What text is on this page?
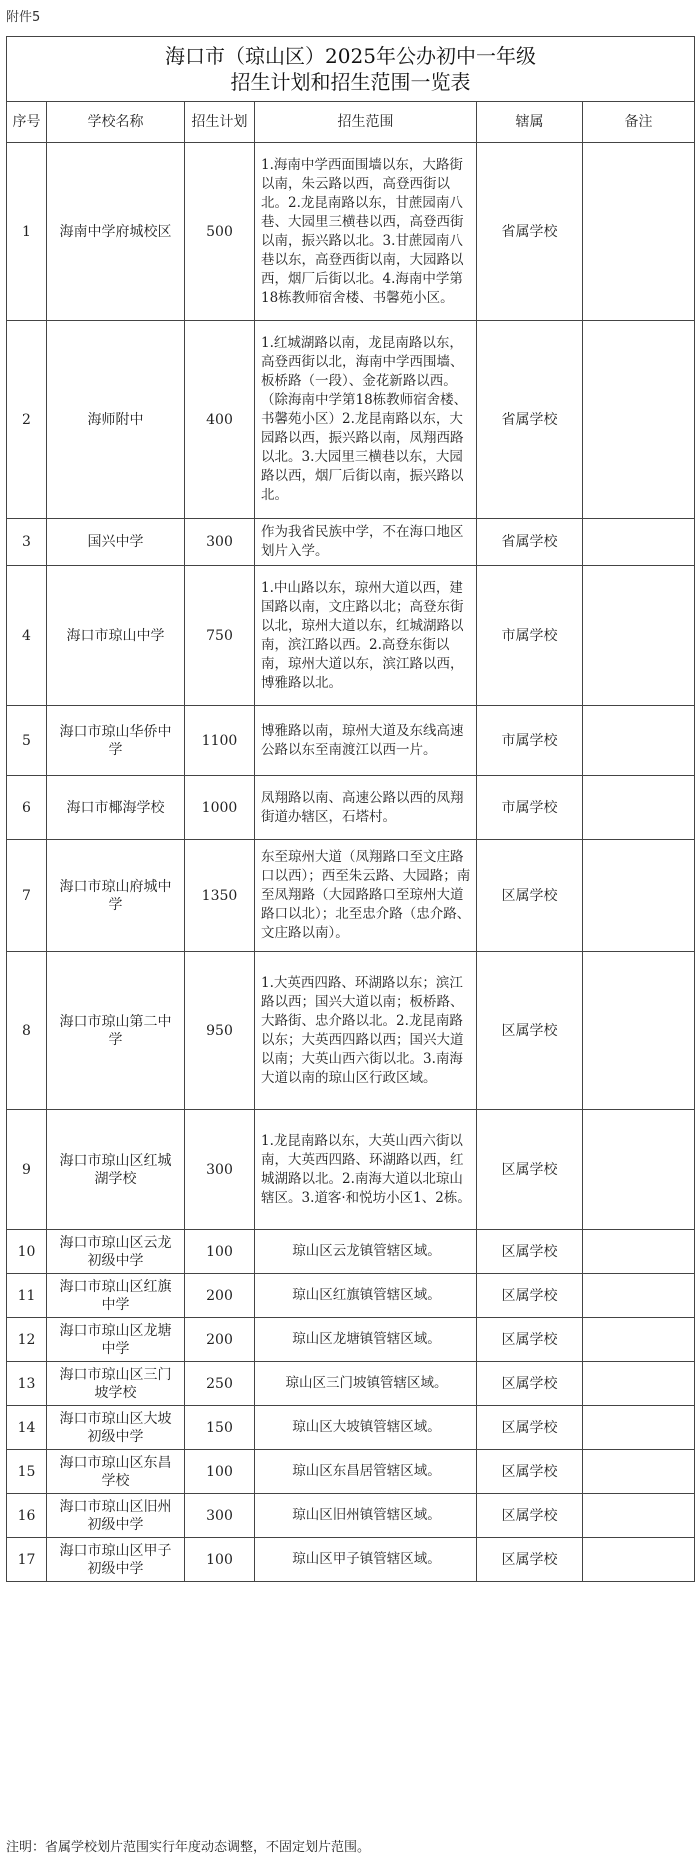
附件5
海口市（琼山区）2025年公办初中一年级
招生计划和招生范围一览表					

序号	学校名称	招生计划	招生范围	辖属	备注
1	海南中学府城校区	500	1.海南中学西面围墙以东，大路街以南，朱云路以西，高登西街以北。2.龙昆南路以东，甘蔗园南八巷、大园里三横巷以西，高登西街以南，振兴路以北。3.甘蔗园南八巷以东，高登西街以南，大园路以西，烟厂后街以北。4.海南中学第18栋教师宿舍楼、书馨苑小区。	省属学校	
2	海师附中	400	1.红城湖路以南，龙昆南路以东，高登西街以北，海南中学西围墙、板桥路（一段）、金花新路以西。（除海南中学第18栋教师宿舍楼、书馨苑小区）2.龙昆南路以东，大园路以西，振兴路以南，凤翔西路以北。3.大园里三横巷以东，大园路以西，烟厂后街以南，振兴路以北。	省属学校	
3	国兴中学	300	作为我省民族中学，不在海口地区划片入学。	省属学校	
4	海口市琼山中学	750	1.中山路以东，琼州大道以西，建国路以南，文庄路以北；高登东街以北，琼州大道以东，红城湖路以南，滨江路以西。2.高登东街以南，琼州大道以东，滨江路以西，博雅路以北。	市属学校	
5	海口市琼山华侨中学	1100	博雅路以南，琼州大道及东线高速公路以东至南渡江以西一片。	市属学校	
6	海口市椰海学校	1000	凤翔路以南、高速公路以西的凤翔街道办辖区，石塔村。	市属学校	
7	海口市琼山府城中学	1350	东至琼州大道（凤翔路口至文庄路口以西）；西至朱云路、大园路；南至凤翔路（大园路路口至琼州大道路口以北）；北至忠介路（忠介路、文庄路以南）。	区属学校	
8	海口市琼山第二中学	950	1.大英西四路、环湖路以东；滨江路以西；国兴大道以南；板桥路、大路街、忠介路以北。2.龙昆南路以东；大英西四路以西；国兴大道以南；大英山西六街以北。3.南海大道以南的琼山区行政区域。	区属学校	
9	海口市琼山区红城湖学校	300	1.龙昆南路以东，大英山西六街以南，大英西四路、环湖路以西，红城湖路以北。2.南海大道以北琼山辖区。3.道客·和悦坊小区1、2栋。	区属学校	
10	海口市琼山区云龙初级中学	100	琼山区云龙镇管辖区域。	区属学校	
11	海口市琼山区红旗中学	200	琼山区红旗镇管辖区域。	区属学校	
12	海口市琼山区龙塘中学	200	琼山区龙塘镇管辖区域。	区属学校	
13	海口市琼山区三门坡学校	250	琼山区三门坡镇管辖区域。	区属学校	
14	海口市琼山区大坡初级中学	150	琼山区大坡镇管辖区域。	区属学校	
15	海口市琼山区东昌学校	100	琼山区东昌居管辖区域。	区属学校	
16	海口市琼山区旧州初级中学	300	琼山区旧州镇管辖区域。	区属学校	
17	海口市琼山区甲子初级中学	100	琼山区甲子镇管辖区域。	区属学校	
注明：省属学校划片范围实行年度动态调整，不固定划片范围。
